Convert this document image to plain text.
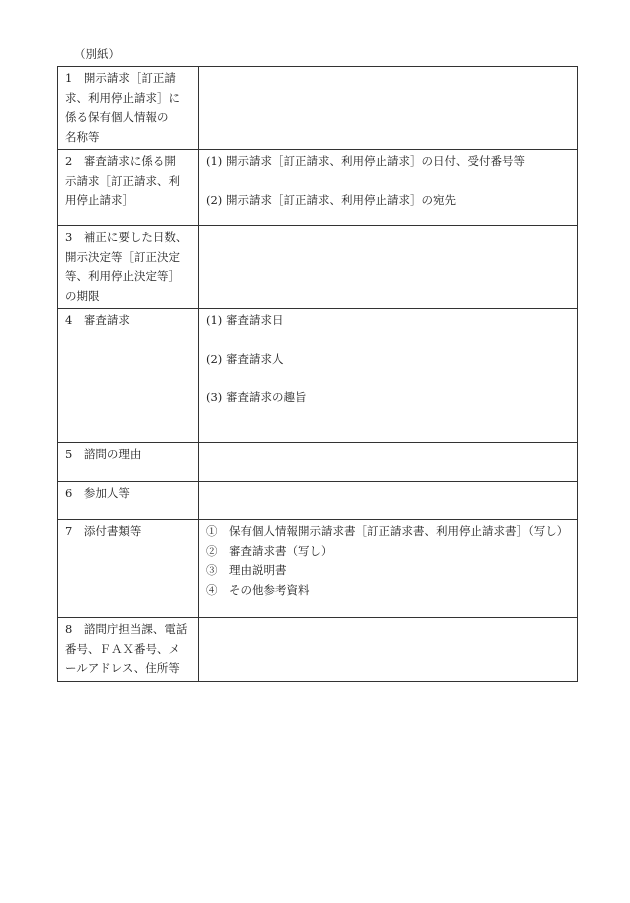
（別紙）
1　開示請求［訂正請
求、利用停止請求］に
係る保有個人情報の
名称等	

2　審査請求に係る開
示請求［訂正請求、利
用停止請求］	(1) 開示請求［訂正請求、利用停止請求］の日付、受付番号等
(2) 開示請求［訂正請求、利用停止請求］の宛先

3　補正に要した日数、
開示決定等［訂正決定
等、利用停止決定等］
の期限	

4　審査請求	(1) 審査請求日
(2) 審査請求人
(3) 審査請求の趣旨

5　諮問の理由	

6　参加人等	

7　添付書類等	①　保有個人情報開示請求書［訂正請求書、利用停止請求書］（写し）
②　審査請求書（写し）
③　理由説明書
④　その他参考資料

8　諮問庁担当課、電話
番号、ＦＡＸ番号、メ
ールアドレス、住所等	
